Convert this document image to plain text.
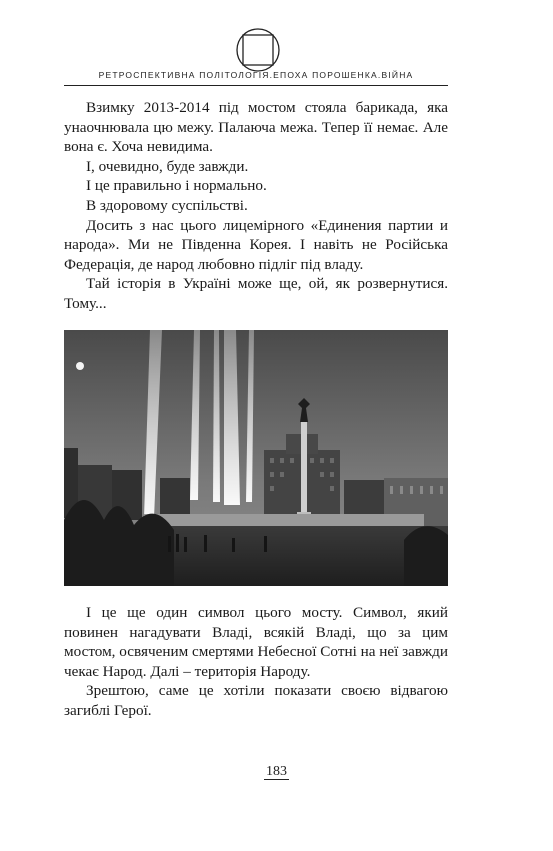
РЕТРОСПЕКТИВНА ПОЛІТОЛОГІЯ.ЕПОХА ПОРОШЕНКА.ВІЙНА

Взимку 2013-2014 під мостом стояла барикада, яка унаочнювала цю межу. Палаюча межа. Тепер її немає. Але вона є. Хоча невидима.

І, очевидно, буде завжди.

І це правильно і нормально.

В здоровому суспільстві.

Досить з нас цього лицемірного «Единения партии и народа». Ми не Південна Корея. І навіть не Російська Федерація, де народ любовно підліг під владу.

Тай історія в Україні може ще, ой, як розвернутися. Тому...

І це ще один символ цього мосту. Символ, який повинен нагадувати Владі, всякій Владі, що за цим мостом, освяченим смертями Небесної Сотні на неї завжди чекає Народ. Далі – територія Народу.

Зрештою, саме це хотіли показати своєю відвагою загиблі Герої.

183
